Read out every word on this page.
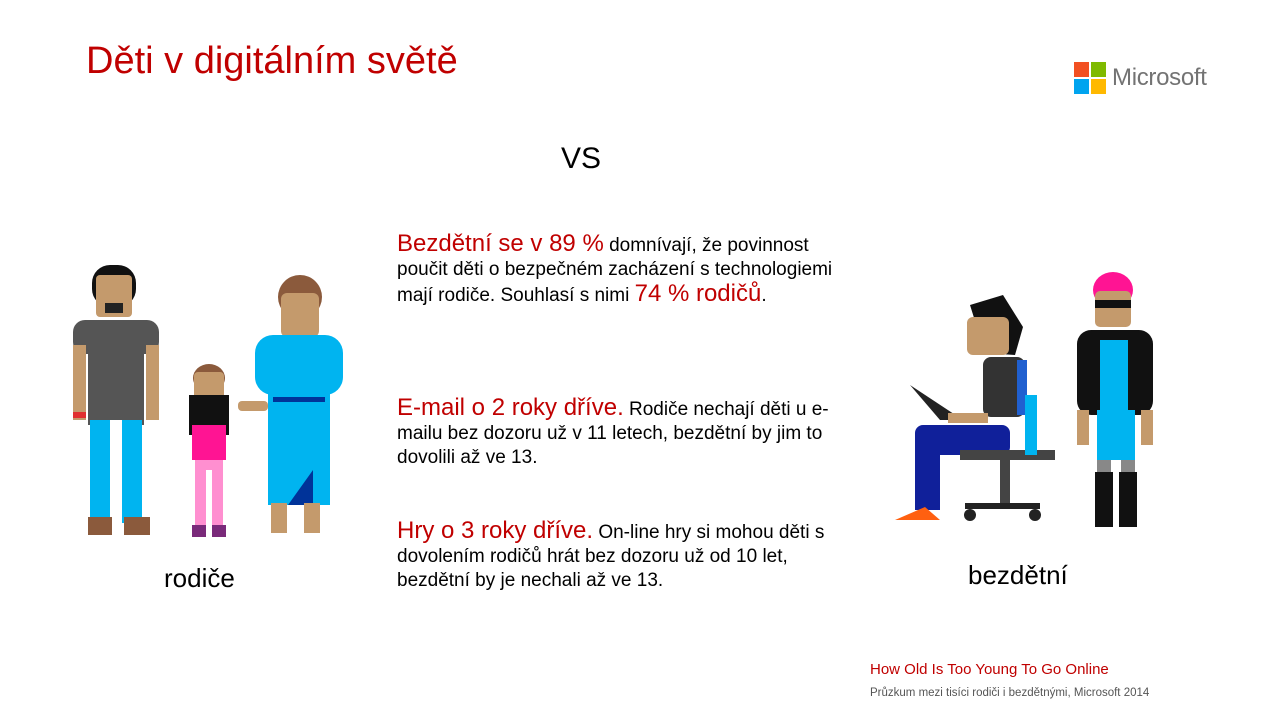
Děti v digitálním světě	Microsoft
VS
rodiče	bezdětní

Bezdětní se v 89 % domnívají, že povinnost poučit děti o bezpečném zacházení s technologiemi mají rodiče. Souhlasí s nimi 74 % rodičů.

E-mail o 2 roky dříve. Rodiče nechají děti u e-mailu bez dozoru už v 11 letech, bezdětní by jim to dovolili až ve 13.

Hry o 3 roky dříve. On-line hry si mohou děti s dovolením rodičů hrát bez dozoru už od 10 let, bezdětní by je nechali až ve 13.

How Old Is Too Young To Go Online
Průzkum mezi tisíci rodiči i bezdětnými, Microsoft 2014
